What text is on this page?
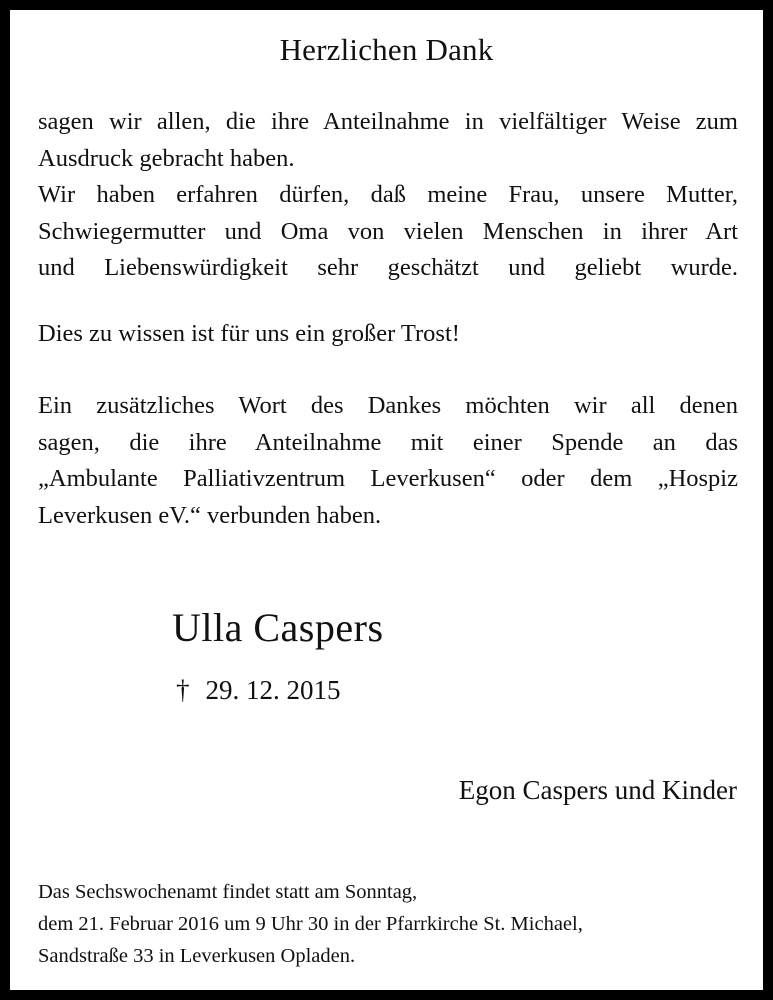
Herzlichen Dank
sagen wir allen, die ihre Anteilnahme in vielfältiger Weise zum
Ausdruck gebracht haben.
Wir haben erfahren dürfen, daß meine Frau, unsere Mutter,
Schwiegermutter und Oma von vielen Menschen in ihrer Art
und Liebenswürdigkeit sehr geschätzt und geliebt wurde.
Dies zu wissen ist für uns ein großer Trost!
Ein zusätzliches Wort des Dankes möchten wir all denen
sagen, die ihre Anteilnahme mit einer Spende an das
„Ambulante Palliativzentrum Leverkusen“ oder dem „Hospiz
Leverkusen eV.“ verbunden haben.
Ulla Caspers
† 29. 12. 2015
Egon Caspers und Kinder
Das Sechswochenamt findet statt am Sonntag,
dem 21. Februar 2016 um 9 Uhr 30 in der Pfarrkirche St. Michael,
Sandstraße 33 in Leverkusen Opladen.
